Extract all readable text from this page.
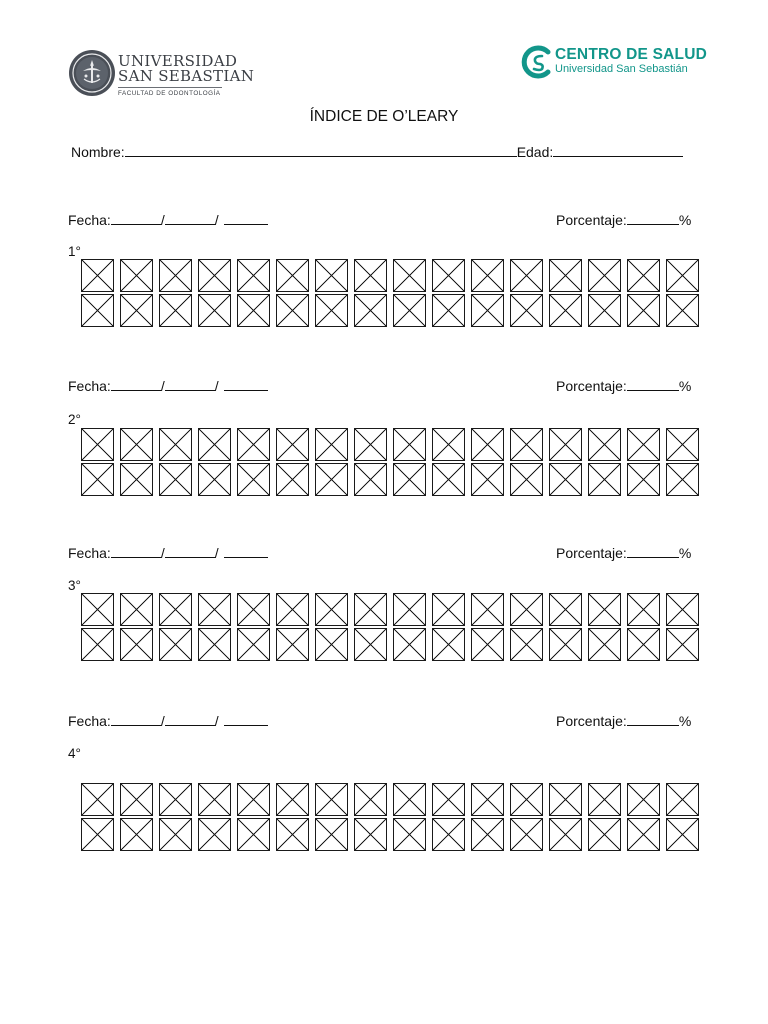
UNIVERSIDAD
SAN SEBASTIAN
FACULTAD DE ODONTOLOGÍA
CENTRO DE SALUD
Universidad San Sebastián
ÍNDICE DE O’LEARY
Nombre:	Edad:
Fecha:	/	/	Porcentaje:	%
1°
Fecha:	/	/	Porcentaje:	%
2°
Fecha:	/	/	Porcentaje:	%
3°
Fecha:	/	/	Porcentaje:	%
4°
